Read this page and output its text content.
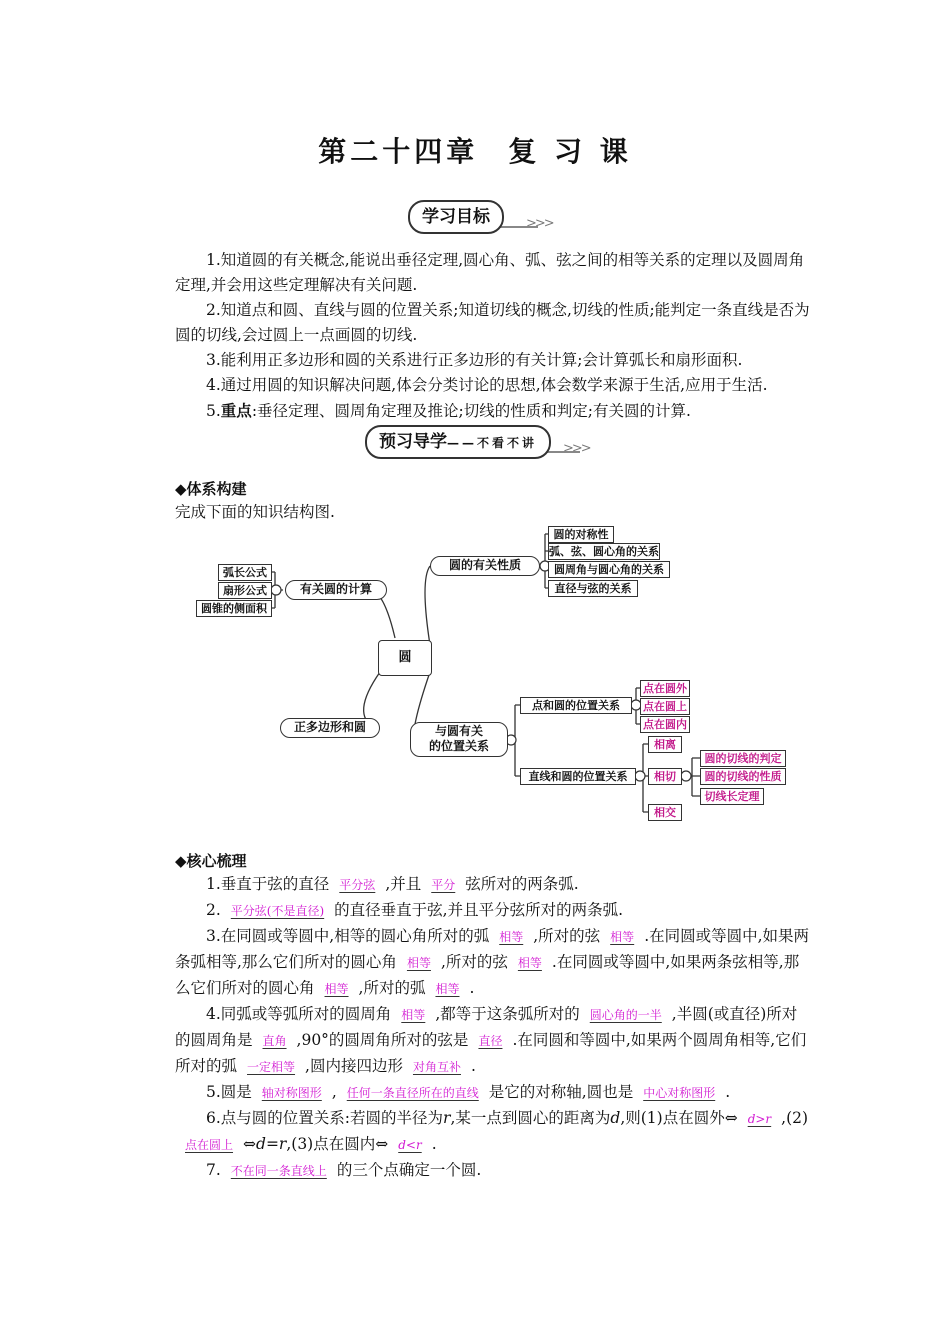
第二十四章 复 习 课
>>>
学习目标

  1.知道圆的有关概念,能说出垂径定理,圆心角、弧、弦之间的相等关系的定理以及圆周角定理,并会用这些定理解决有关问题.

  2.知道点和圆、直线与圆的位置关系;知道切线的概念,切线的性质;能判定一条直线是否为圆的切线,会过圆上一点画圆的切线.

  3.能利用正多边形和圆的关系进行正多边形的有关计算;会计算弧长和扇形面积.

  4.通过用圆的知识解决问题,体会分类讨论的思想,体会数学来源于生活,应用于生活.

  5.重点:垂径定理、圆周角定理及推论;切线的性质和判定;有关圆的计算.

>>>
预习导学——不看不讲
◆体系构建
完成下面的知识结构图.
圆
有关圆的计算
弧长公式
扇形公式
圆锥的侧面积
圆的有关性质
圆的对称性
弧、弦、圆心角的关系
圆周角与圆心角的关系
直径与弦的关系
正多边形和圆	与圆有关
的位置关系
点和圆的位置关系
点在圆外
点在圆上
点在圆内
直线和圆的位置关系
相离
相切
相交
圆的切线的判定
圆的切线的性质
切线长定理
◆核心梳理

  1.垂直于弦的直径 平分弦 ,并且 平分 弦所对的两条弧.

  2. 平分弦(不是直径) 的直径垂直于弦,并且平分弦所对的两条弧.

  3.在同圆或等圆中,相等的圆心角所对的弧 相等 ,所对的弦 相等 .在同圆或等圆中,如果两条弧相等,那么它们所对的圆心角 相等 ,所对的弦 相等 .在同圆或等圆中,如果两条弦相等,那么它们所对的圆心角 相等 ,所对的弧 相等 .

  4.同弧或等弧所对的圆周角 相等 ,都等于这条弧所对的 圆心角的一半 ,半圆(或直径)所对的圆周角是 直角 ,90°的圆周角所对的弦是 直径 .在同圆和等圆中,如果两个圆周角相等,它们所对的弧 一定相等 ,圆内接四边形 对角互补 .

  5.圆是 轴对称图形 , 任何一条直径所在的直线 是它的对称轴,圆也是 中心对称图形 .

  6.点与圆的位置关系:若圆的半径为r,某一点到圆心的距离为d,则(1)点在圆外⇔ d>r ,(2)点在圆上 ⇔d=r,(3)点在圆内⇔ d<r .

  7. 不在同一条直线上 的三个点确定一个圆.
